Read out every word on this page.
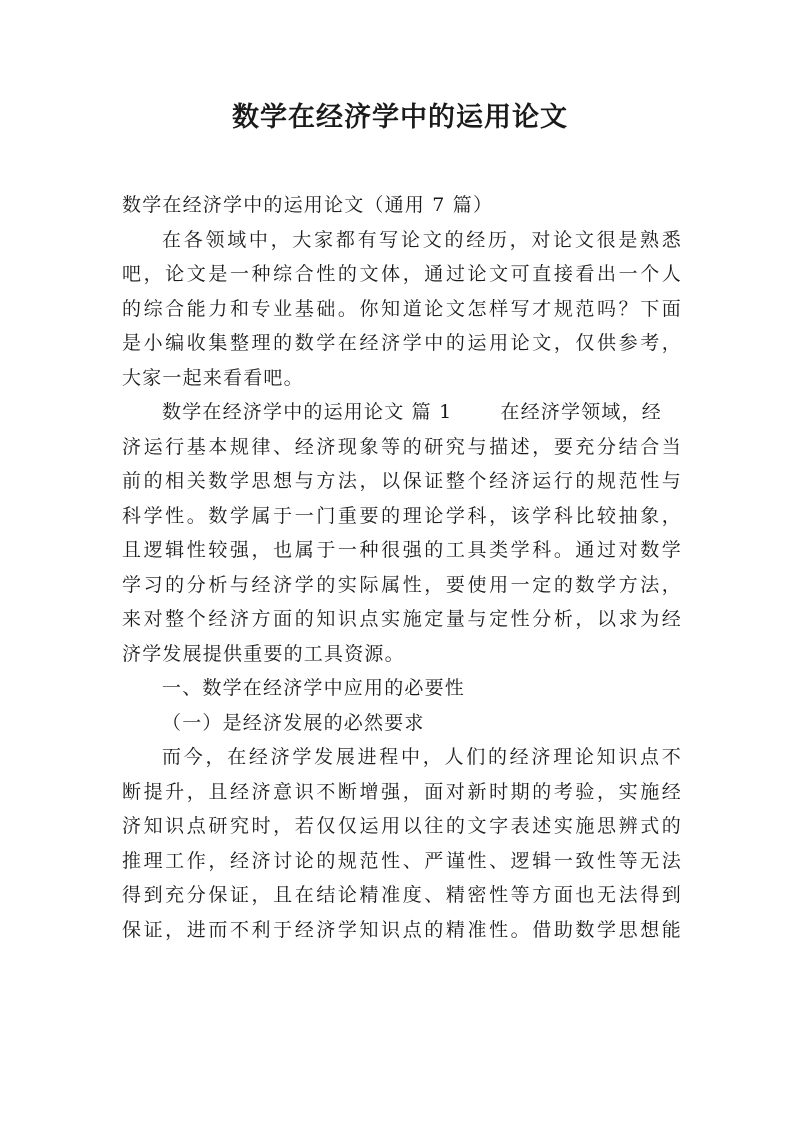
数学在经济学中的运用论文
数学在经济学中的运用论文（通用 7 篇）
在各领域中，大家都有写论文的经历，对论文很是熟悉
吧，论文是一种综合性的文体，通过论文可直接看出一个人
的综合能力和专业基础。你知道论文怎样写才规范吗？下面
是小编收集整理的数学在经济学中的运用论文，仅供参考，
大家一起来看看吧。
数学在经济学中的运用论文 篇 1	在经济学领域，经
济运行基本规律、经济现象等的研究与描述，要充分结合当
前的相关数学思想与方法，以保证整个经济运行的规范性与
科学性。数学属于一门重要的理论学科，该学科比较抽象，
且逻辑性较强，也属于一种很强的工具类学科。通过对数学
学习的分析与经济学的实际属性，要使用一定的数学方法，
来对整个经济方面的知识点实施定量与定性分析，以求为经
济学发展提供重要的工具资源。
一、数学在经济学中应用的必要性
（一）是经济发展的必然要求
而今，在经济学发展进程中，人们的经济理论知识点不
断提升，且经济意识不断增强，面对新时期的考验，实施经
济知识点研究时，若仅仅运用以往的文字表述实施思辨式的
推理工作，经济讨论的规范性、严谨性、逻辑一致性等无法
得到充分保证，且在结论精准度、精密性等方面也无法得到
保证，进而不利于经济学知识点的精准性。借助数学思想能
